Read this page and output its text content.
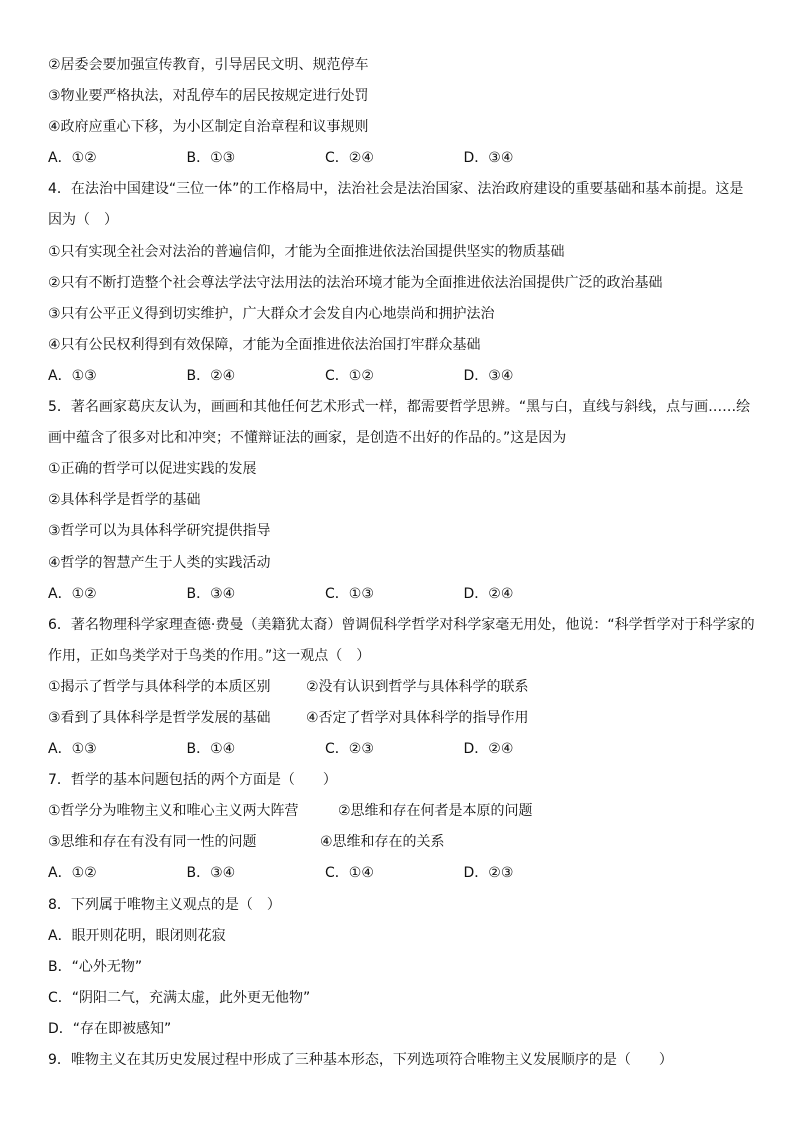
②居委会要加强宣传教育，引导居民文明、规范停车
③物业要严格执法，对乱停车的居民按规定进行处罚
④政府应重心下移，为小区制定自治章程和议事规则
A．①②	B．①③	C．②④	D．③④
4．在法治中国建设“三位一体”的工作格局中，法治社会是法治国家、法治政府建设的重要基础和基本前提。这是
因为（　）
①只有实现全社会对法治的普遍信仰，才能为全面推进依法治国提供坚实的物质基础
②只有不断打造整个社会尊法学法守法用法的法治环境才能为全面推进依法治国提供广泛的政治基础
③只有公平正义得到切实维护，广大群众才会发自内心地崇尚和拥护法治
④只有公民权利得到有效保障，才能为全面推进依法治国打牢群众基础
A．①③	B．②④	C．①②	D．③④
5．著名画家葛庆友认为，画画和其他任何艺术形式一样，都需要哲学思辨。“黑与白，直线与斜线，点与画……绘
画中蕴含了很多对比和冲突；不懂辩证法的画家，是创造不出好的作品的。”这是因为
①正确的哲学可以促进实践的发展
②具体科学是哲学的基础
③哲学可以为具体科学研究提供指导
④哲学的智慧产生于人类的实践活动
A．①②	B．③④	C．①③	D．②④
6．著名物理科学家理查德·费曼（美籍犹太裔）曾调侃科学哲学对科学家毫无用处，他说：“科学哲学对于科学家的
作用，正如鸟类学对于鸟类的作用。”这一观点（　）
①揭示了哲学与具体科学的本质区别	②没有认识到哲学与具体科学的联系
③看到了具体科学是哲学发展的基础	④否定了哲学对具体科学的指导作用
A．①③	B．①④	C．②③	D．②④
7．哲学的基本问题包括的两个方面是（　　）
①哲学分为唯物主义和唯心主义两大阵营	②思维和存在何者是本原的问题
③思维和存在有没有同一性的问题	④思维和存在的关系
A．①②	B．③④	C．①④	D．②③
8．下列属于唯物主义观点的是（　）
A．眼开则花明，眼闭则花寂
B．“心外无物”
C．“阴阳二气，充满太虚，此外更无他物”
D．“存在即被感知”
9．唯物主义在其历史发展过程中形成了三种基本形态，下列选项符合唯物主义发展顺序的是（　　）
